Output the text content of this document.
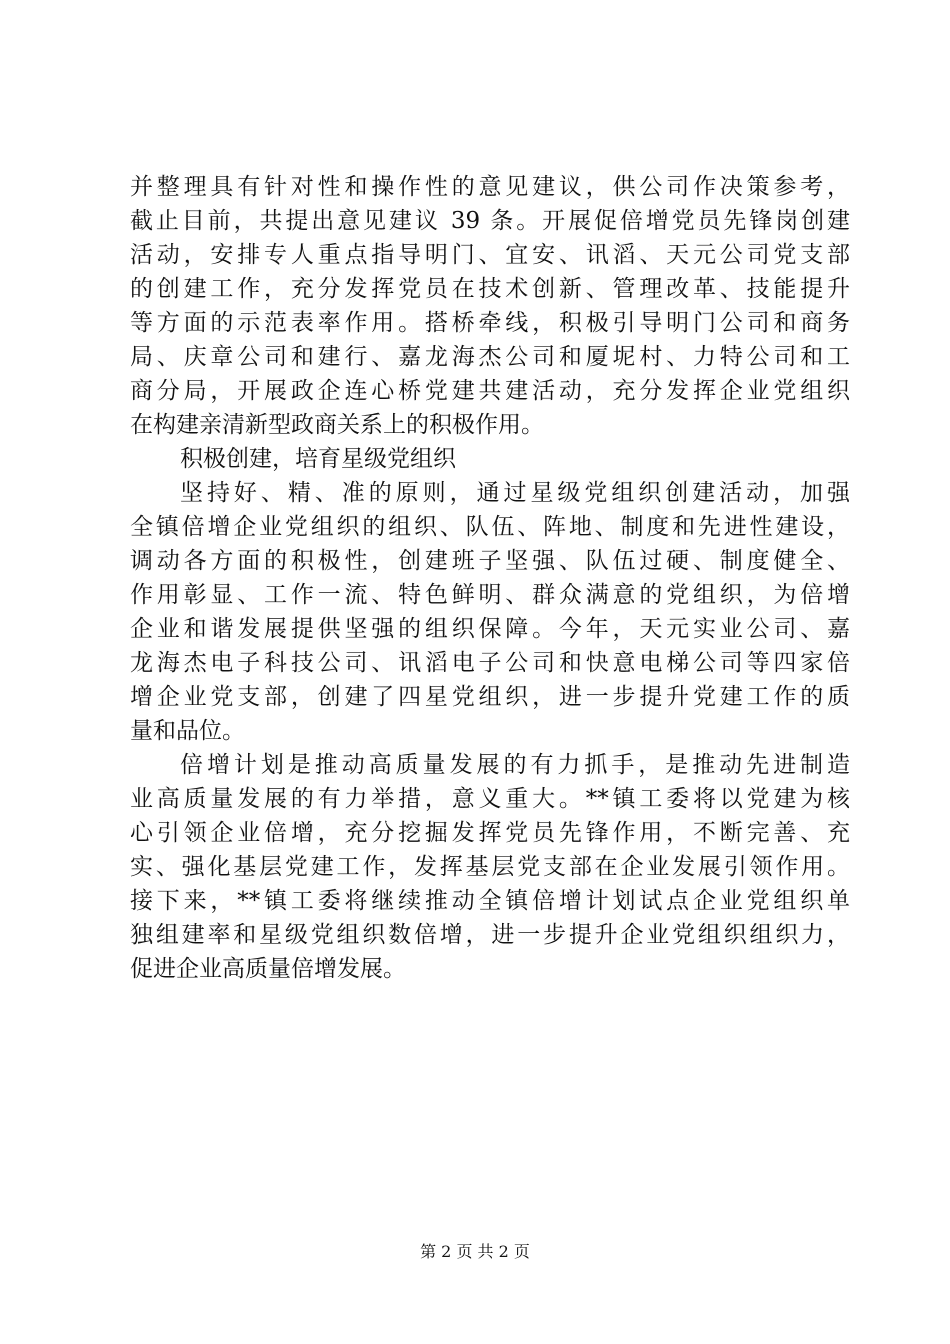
并整理具有针对性和操作性的意见建议，供公司作决策参考，
截止目前，共提出意见建议 39 条。开展促倍增党员先锋岗创建
活动，安排专人重点指导明门、宜安、讯滔、天元公司党支部
的创建工作，充分发挥党员在技术创新、管理改革、技能提升
等方面的示范表率作用。搭桥牵线，积极引导明门公司和商务
局、庆章公司和建行、嘉龙海杰公司和厦坭村、力特公司和工
商分局，开展政企连心桥党建共建活动，充分发挥企业党组织
在构建亲清新型政商关系上的积极作用。
积极创建，培育星级党组织
坚持好、精、准的原则，通过星级党组织创建活动，加强
全镇倍增企业党组织的组织、队伍、阵地、制度和先进性建设，
调动各方面的积极性，创建班子坚强、队伍过硬、制度健全、
作用彰显、工作一流、特色鲜明、群众满意的党组织，为倍增
企业和谐发展提供坚强的组织保障。今年，天元实业公司、嘉
龙海杰电子科技公司、讯滔电子公司和快意电梯公司等四家倍
增企业党支部，创建了四星党组织，进一步提升党建工作的质
量和品位。
倍增计划是推动高质量发展的有力抓手，是推动先进制造
业高质量发展的有力举措，意义重大。**镇工委将以党建为核
心引领企业倍增，充分挖掘发挥党员先锋作用，不断完善、充
实、强化基层党建工作，发挥基层党支部在企业发展引领作用。
接下来，**镇工委将继续推动全镇倍增计划试点企业党组织单
独组建率和星级党组织数倍增，进一步提升企业党组织组织力，
促进企业高质量倍增发展。
第 2 页 共 2 页
